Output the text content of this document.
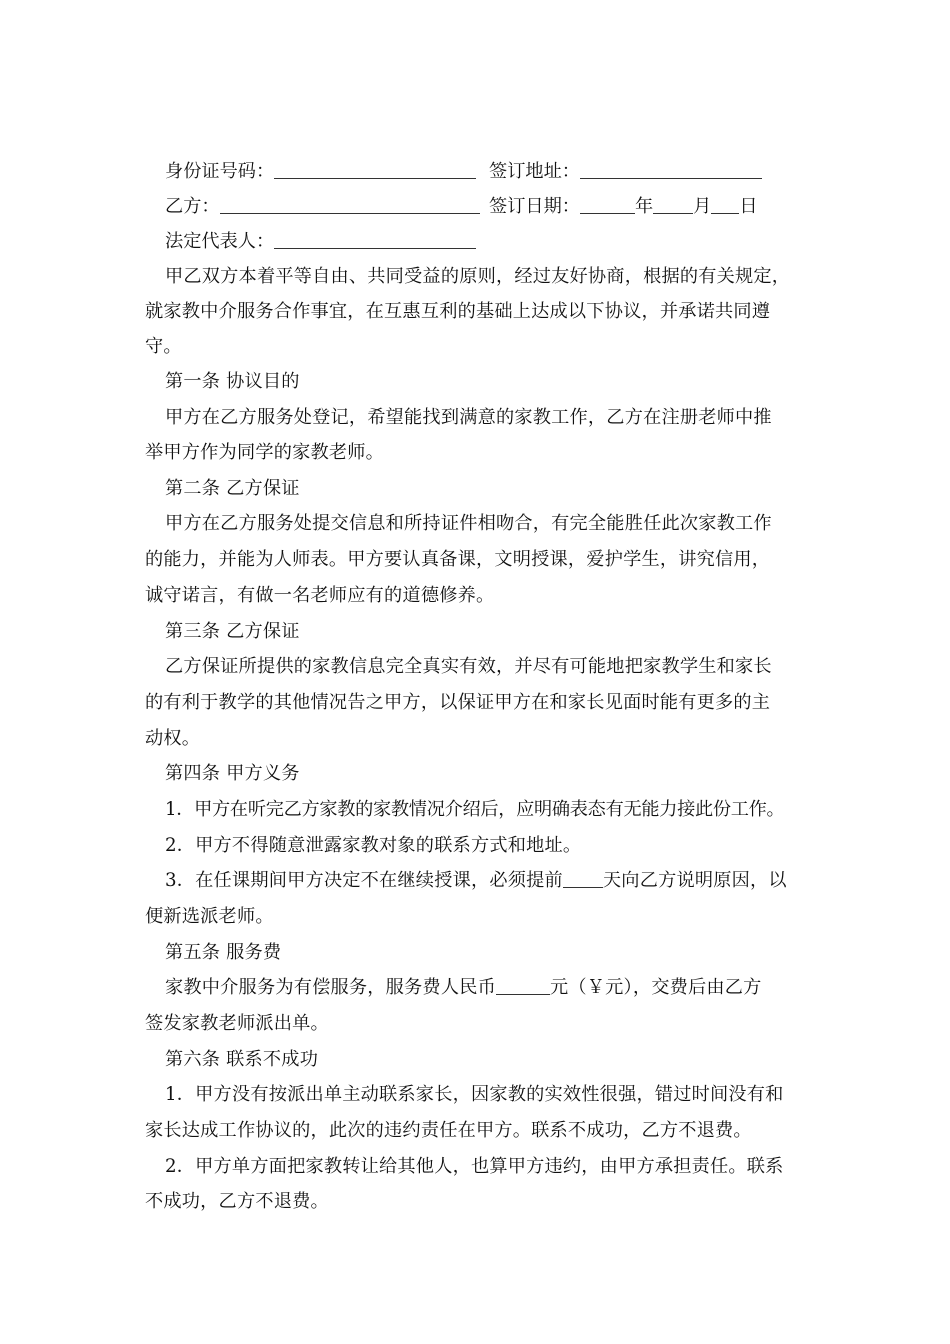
身份证号码：	签订地址：
乙方：	签订日期：	年 月 日
法定代表人：
甲乙双方本着平等自由、共同受益的原则，经过友好协商，根据的有关规定，
就家教中介服务合作事宜，在互惠互利的基础上达成以下协议，并承诺共同遵
守。
第一条 协议目的
甲方在乙方服务处登记，希望能找到满意的家教工作，乙方在注册老师中推
举甲方作为同学的家教老师。
第二条 乙方保证
甲方在乙方服务处提交信息和所持证件相吻合，有完全能胜任此次家教工作
的能力，并能为人师表。甲方要认真备课，文明授课，爱护学生，讲究信用，
诚守诺言，有做一名老师应有的道德修养。
第三条 乙方保证
乙方保证所提供的家教信息完全真实有效，并尽有可能地把家教学生和家长
的有利于教学的其他情况告之甲方，以保证甲方在和家长见面时能有更多的主
动权。
第四条 甲方义务
1．甲方在听完乙方家教的家教情况介绍后，应明确表态有无能力接此份工作。
2．甲方不得随意泄露家教对象的联系方式和地址。
3．在任课期间甲方决定不在继续授课，必须提前 天向乙方说明原因，以
便新选派老师。
第五条 服务费
家教中介服务为有偿服务，服务费人民币	元（￥元），交费后由乙方
签发家教老师派出单。
第六条 联系不成功
1．甲方没有按派出单主动联系家长，因家教的实效性很强，错过时间没有和
家长达成工作协议的，此次的违约责任在甲方。联系不成功，乙方不退费。
2．甲方单方面把家教转让给其他人，也算甲方违约，由甲方承担责任。联系
不成功，乙方不退费。
